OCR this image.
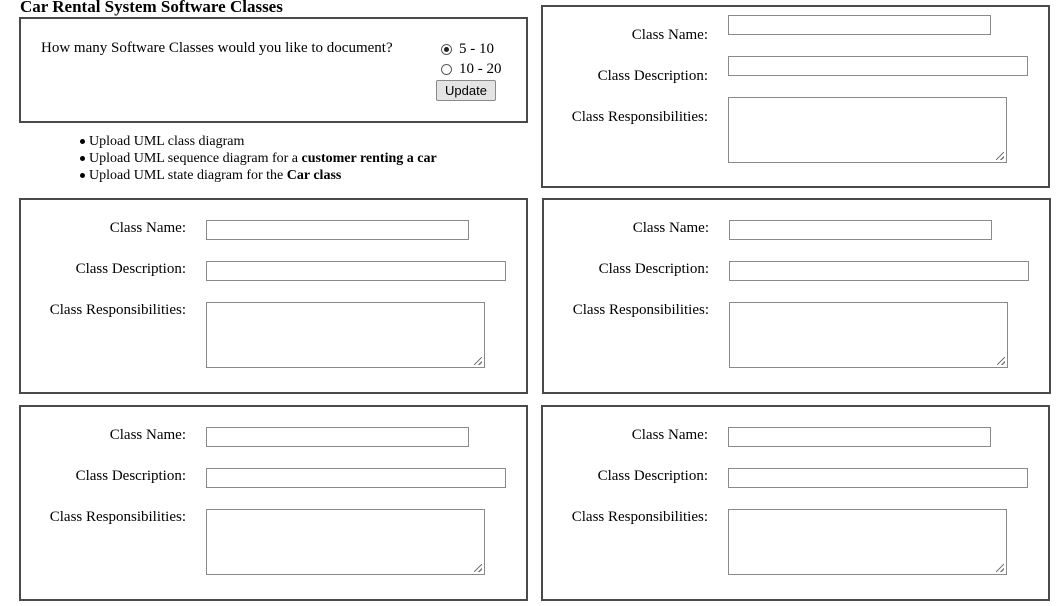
Car Rental System Software Classes
How many Software Classes would you like to document?	5 - 10
10 - 20
Update
Upload UML class diagram
Upload UML sequence diagram for a
customer renting a car
Upload UML state diagram for the
Car class
Class Name:
Class Description:
Class Responsibilities:
Class Name:
Class Description:
Class Responsibilities:
Class Name:
Class Description:
Class Responsibilities:
Class Name:
Class Description:
Class Responsibilities:
Class Name:
Class Description:
Class Responsibilities:
